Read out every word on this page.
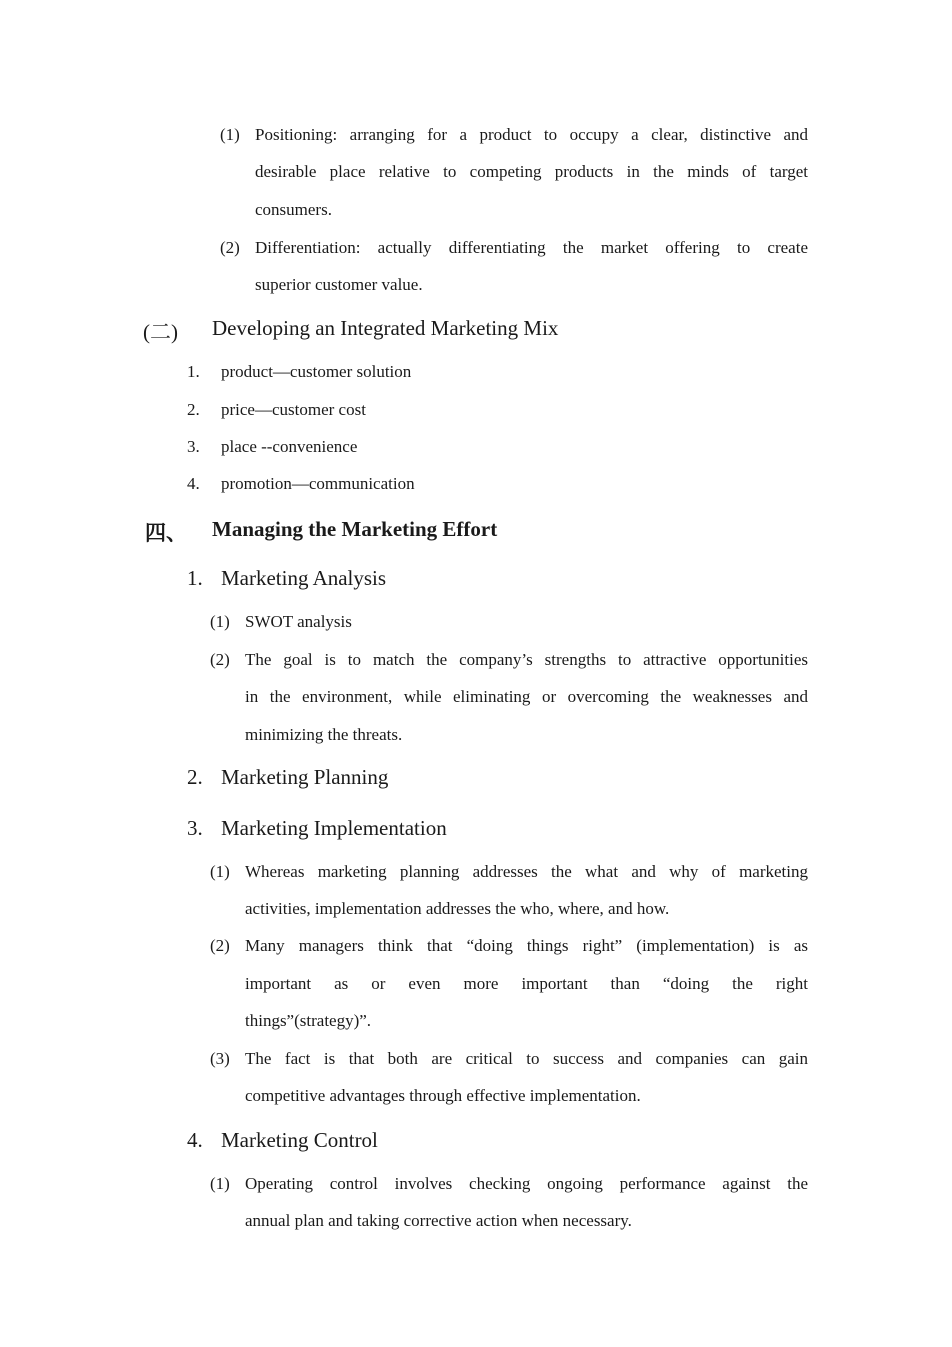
(1) Positioning: arranging for a product to occupy a clear, distinctive and
desirable place relative to competing products in the minds of target
consumers.
(2) Differentiation: actually differentiating the market offering to create
superior customer value.
(二) Developing an Integrated Marketing Mix
1. product—customer solution
2. price—customer cost
3. place --convenience
4. promotion—communication
四、 Managing the Marketing Effort
1. Marketing Analysis
(1) SWOT analysis
(2) The goal is to match the company’s strengths to attractive opportunities
in the environment, while eliminating or overcoming the weaknesses and
minimizing the threats.
2. Marketing Planning
3. Marketing Implementation
(1) Whereas marketing planning addresses the what and why of marketing
activities, implementation addresses the who, where, and how.
(2) Many managers think that “doing things right” (implementation) is as
important as or even more important than “doing the right
things”(strategy)”.
(3) The fact is that both are critical to success and companies can gain
competitive advantages through effective implementation.
4. Marketing Control
(1) Operating control involves checking ongoing performance against the
annual plan and taking corrective action when necessary.
